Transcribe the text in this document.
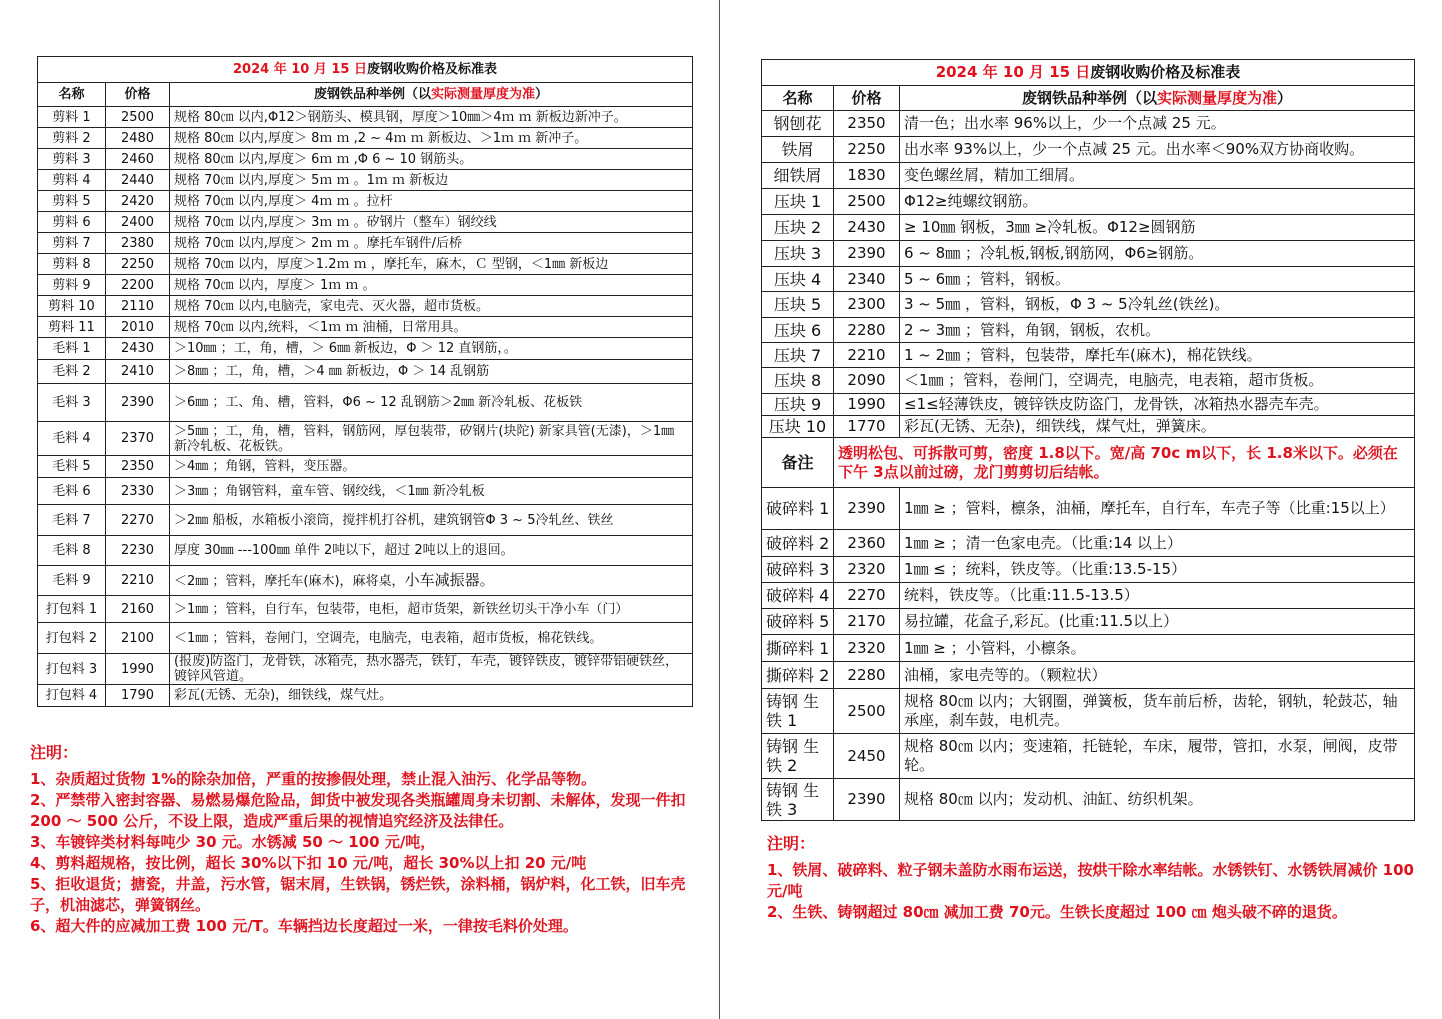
2024 年 10 月 15 日废钢收购价格及标准表		
名称	价格	废钢铁品种举例（以实际测量厚度为准）
剪料 1	2500	规格 80㎝ 以内,Φ12＞钢筋头、模具钢，厚度＞10㎜＞4ｍ ｍ 新板边新冲子。
剪料 2	2480	规格 80㎝ 以内,厚度＞ 8ｍ ｍ ,2 ~ 4ｍ ｍ 新板边、＞1ｍ ｍ 新冲子。
剪料 3	2460	规格 80㎝ 以内,厚度＞ 6ｍ ｍ ,Φ 6 ~ 10 钢筋头。
剪料 4	2440	规格 70㎝ 以内,厚度＞ 5ｍ ｍ 。1ｍ ｍ 新板边
剪料 5	2420	规格 70㎝ 以内,厚度＞ 4ｍ ｍ 。拉杆
剪料 6	2400	规格 70㎝ 以内,厚度＞ 3ｍ ｍ 。矽钢片（整车）钢绞线
剪料 7	2380	规格 70㎝ 以内,厚度＞ 2ｍ ｍ 。摩托车钢件/后桥
剪料 8	2250	规格 70㎝ 以内，厚度＞1.2ｍ ｍ ，摩托车，麻木，Ｃ 型钢，＜1㎜ 新板边
剪料 9	2200	规格 70㎝ 以内，厚度＞ 1ｍ ｍ 。
剪料 10	2110	规格 70㎝ 以内,电脑壳，家电壳、灭火器，超市货板。
剪料 11	2010	规格 70㎝ 以内,统料，＜1ｍ ｍ 油桶，日常用具。
毛料 1	2430	＞10㎜ ；工，角，槽，＞ 6㎜ 新板边，Φ ＞ 12 直钢筋，。
毛料 2	2410	＞8㎜ ；工，角，槽，＞4 ㎜ 新板边，Φ ＞ 14 乱钢筋
毛料 3	2390	＞6㎜ ；工、角、槽，管料，Φ6 ~ 12 乱钢筋＞2㎜ 新冷轧板、花板铁
毛料 4	2370	＞5㎜ ；工，角，槽，管料，钢筋网，厚包装带，矽钢片(块陀) 新家具管(无漆)，＞1㎜ 新冷轧板、花板铁。
毛料 5	2350	＞4㎜ ；角钢，管料，变压器。
毛料 6	2330	＞3㎜ ；角钢管料，童车管、钢绞线，＜1㎜ 新冷轧板
毛料 7	2270	＞2㎜ 船板，水箱板小滚筒，搅拌机打谷机，建筑钢管Φ 3 ~ 5冷轧丝、铁丝
毛料 8	2230	厚度 30㎜ ---100㎜ 单件 2吨以下，超过 2吨以上的退回。
毛料 9	2210	＜2㎜ ；管料，摩托车(麻木)，麻将桌，小车减振器。
打包料 1	2160	＞1㎜ ；管料，自行车，包装带，电柜，超市货架，新铁丝切头干净小车（门）
打包料 2	2100	＜1㎜ ；管料，卷闸门，空调壳，电脑壳，电表箱，超市货板，棉花铁线。
打包料 3	1990	(报废)防盗门，龙骨铁，冰箱壳，热水器壳，铁钉，车壳，镀锌铁皮，镀锌带铝硬铁丝，镀锌风管道。
打包料 4	1790	彩瓦(无锈、无杂)，细铁线，煤气灶。
注明：
1、杂质超过货物 1%的除杂加倍，严重的按掺假处理，禁止混入油污、化学品等物。
2、严禁带入密封容器、易燃易爆危险品，卸货中被发现各类瓶罐周身未切割、未解体，发现一件扣 200 ～ 500 公斤，不设上限，造成严重后果的视情追究经济及法律任。
3、车镀锌类材料每吨少 30 元。水锈减 50 ～ 100 元/吨，
4、剪料超规格，按比例，超长 30%以下扣 10 元/吨，超长 30%以上扣 20 元/吨
5、拒收退货；搪瓷，井盖，污水管，锯末屑，生铁锅，锈烂铁，涂料桶，锅炉料，化工铁，旧车壳子，机油滤芯，弹簧钢丝。
6、超大件的应减加工费 100 元/T。车辆挡边长度超过一米，一律按毛料价处理。
2024 年 10 月 15 日废钢收购价格及标准表		
名称	价格	废钢铁品种举例（以实际测量厚度为准）
钢刨花	2350	清一色；出水率 96%以上，少一个点减 25 元。
铁屑	2250	出水率 93%以上，少一个点减 25 元。出水率＜90%双方协商收购。
细铁屑	1830	变色螺丝屑，精加工细屑。
压块 1	2500	Φ12≥纯螺纹钢筋。
压块 2	2430	≥ 10㎜ 钢板，3㎜ ≥冷轧板。Φ12≥圆钢筋
压块 3	2390	6 ~ 8㎜ ；冷轧板,钢板,钢筋网，Φ6≥钢筋。
压块 4	2340	5 ~ 6㎜ ；管料，钢板。
压块 5	2300	3 ~ 5㎜ ，管料，钢板，Φ 3 ~ 5冷轧丝(铁丝)。
压块 6	2280	2 ~ 3㎜ ；管料，角钢，钢板，农机。
压块 7	2210	1 ~ 2㎜ ；管料，包装带，摩托车(麻木)，棉花铁线。
压块 8	2090	＜1㎜ ；管料，卷闸门，空调壳，电脑壳，电表箱，超市货板。
压块 9	1990	≤1≤轻薄铁皮，镀锌铁皮防盗门，龙骨铁，冰箱热水器壳车壳。
压块 10	1770	彩瓦(无锈、无杂)，细铁线，煤气灶，弹簧床。
备注	透明松包、可拆散可剪，密度 1.8以下。宽/高 70c m以下，长 1.8米以下。必须在下午 3点以前过磅，龙门剪剪切后结帐。	
破碎料 1	2390	1㎜ ≥ ；管料，檩条，油桶，摩托车，自行车，车壳子等（比重:15以上）
破碎料 2	2360	1㎜ ≥ ；清一色家电壳。（比重:14 以上）
破碎料 3	2320	1㎜ ≤ ；统料，铁皮等。（比重:13.5-15）
破碎料 4	2270	统料，铁皮等。（比重:11.5-13.5）
破碎料 5	2170	易拉罐，花盒子,彩瓦。(比重:11.5以上）
撕碎料 1	2320	1㎜ ≥ ；小管料，小檩条。
撕碎料 2	2280	油桶，家电壳等的。（颗粒状）
铸钢 生铁 1	2500	规格 80㎝ 以内；大钢圈，弹簧板，货车前后桥，齿轮，钢轨，轮鼓芯，轴承座，刹车鼓，电机壳。
铸钢 生铁 2	2450	规格 80㎝ 以内；变速箱，托链轮，车床，履带，管扣，水泵，闸阀，皮带轮。
铸钢 生铁 3	2390	规格 80㎝ 以内；发动机、油缸、纺织机架。
注明：
1、铁屑、破碎料、粒子钢未盖防水雨布运送，按烘干除水率结帐。水锈铁钉、水锈铁屑减价 100 元/吨
2、生铁、铸钢超过 80㎝ 减加工费 70元。生铁长度超过 100 ㎝ 炮头破不碎的退货。
